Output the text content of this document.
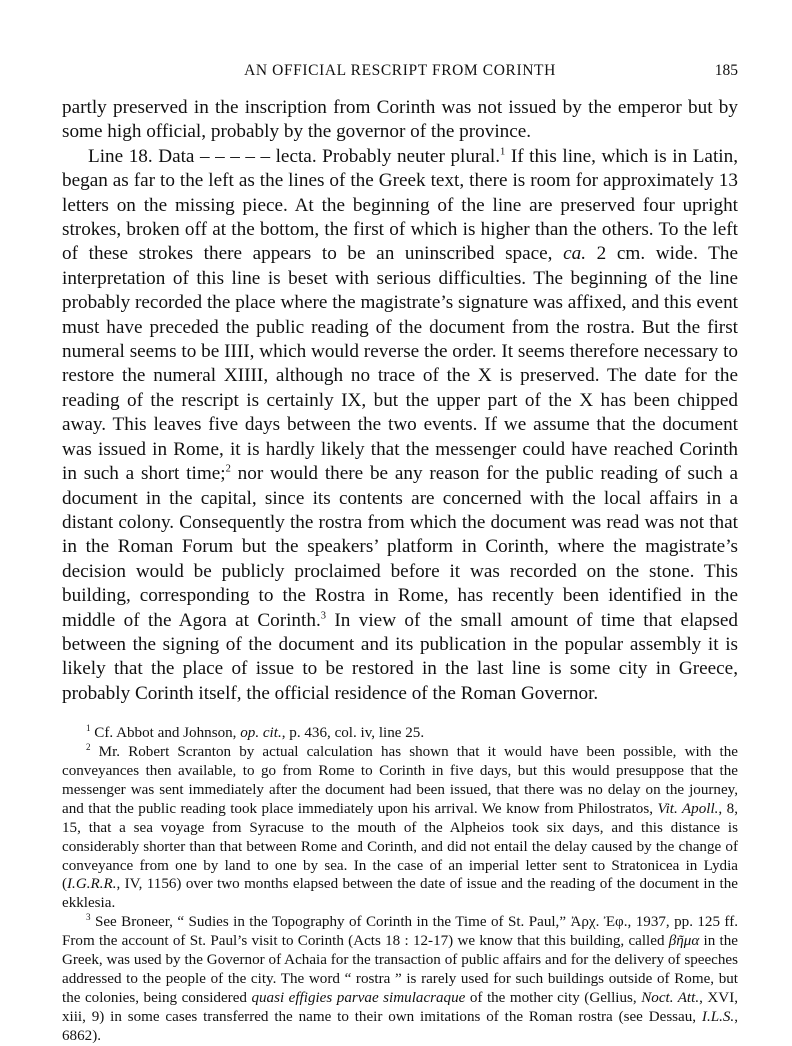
AN OFFICIAL RESCRIPT FROM CORINTH	185

partly preserved in the inscription from Corinth was not issued by the emperor but by some high official, probably by the governor of the province.

Line 18. Data – – – – – lecta. Probably neuter plural.$^1$ If this line, which is in Latin, began as far to the left as the lines of the Greek text, there is room for approximately 13 letters on the missing piece. At the beginning of the line are preserved four upright strokes, broken off at the bottom, the first of which is higher than the others. To the left of these strokes there appears to be an uninscribed space, ca. 2 cm. wide. The interpretation of this line is beset with serious difficulties. The beginning of the line probably recorded the place where the magistrate’s signature was affixed, and this event must have preceded the public reading of the document from the rostra. But the first numeral seems to be IIII, which would reverse the order. It seems therefore necessary to restore the numeral XIIII, although no trace of the X is preserved. The date for the reading of the rescript is certainly IX, but the upper part of the X has been chipped away. This leaves five days between the two events. If we assume that the document was issued in Rome, it is hardly likely that the messenger could have reached Corinth in such a short time;$^2$ nor would there be any reason for the public reading of such a document in the capital, since its contents are concerned with the local affairs in a distant colony. Consequently the rostra from which the document was read was not that in the Roman Forum but the speakers’ platform in Corinth, where the magistrate’s decision would be publicly proclaimed before it was recorded on the stone. This building, corresponding to the Rostra in Rome, has recently been identified in the middle of the Agora at Corinth.$^3$ In view of the small amount of time that elapsed between the signing of the document and its publication in the popular assembly it is likely that the place of issue to be restored in the last line is some city in Greece, probably Corinth itself, the official residence of the Roman Governor.

$^1$ Cf. Abbot and Johnson, op. cit., p. 436, col. iv, line 25.

$^2$ Mr. Robert Scranton by actual calculation has shown that it would have been possible, with the conveyances then available, to go from Rome to Corinth in five days, but this would presuppose that the messenger was sent immediately after the document had been issued, that there was no delay on the journey, and that the public reading took place immediately upon his arrival. We know from Philostratos, Vit. Apoll., 8, 15, that a sea voyage from Syracuse to the mouth of the Alpheios took six days, and this distance is considerably shorter than that between Rome and Corinth, and did not entail the delay caused by the change of conveyance from one by land to one by sea. In the case of an imperial letter sent to Stratonicea in Lydia (I.G.R.R., IV, 1156) over two months elapsed between the date of issue and the reading of the document in the ekklesia.

$^3$ See Broneer, “ Sudies in the Topography of Corinth in the Time of St. Paul,” Ἀρχ. Ἐφ., 1937, pp. 125 ff. From the account of St. Paul’s visit to Corinth (Acts 18 : 12-17) we know that this building, called βῆμα in the Greek, was used by the Governor of Achaia for the transaction of public affairs and for the delivery of speeches addressed to the people of the city. The word “ rostra ” is rarely used for such buildings outside of Rome, but the colonies, being considered quasi effigies parvae simulacraque of the mother city (Gellius, Noct. Att., XVI, xiii, 9) in some cases transferred the name to their own imitations of the Roman rostra (see Dessau, I.L.S., 6862).
